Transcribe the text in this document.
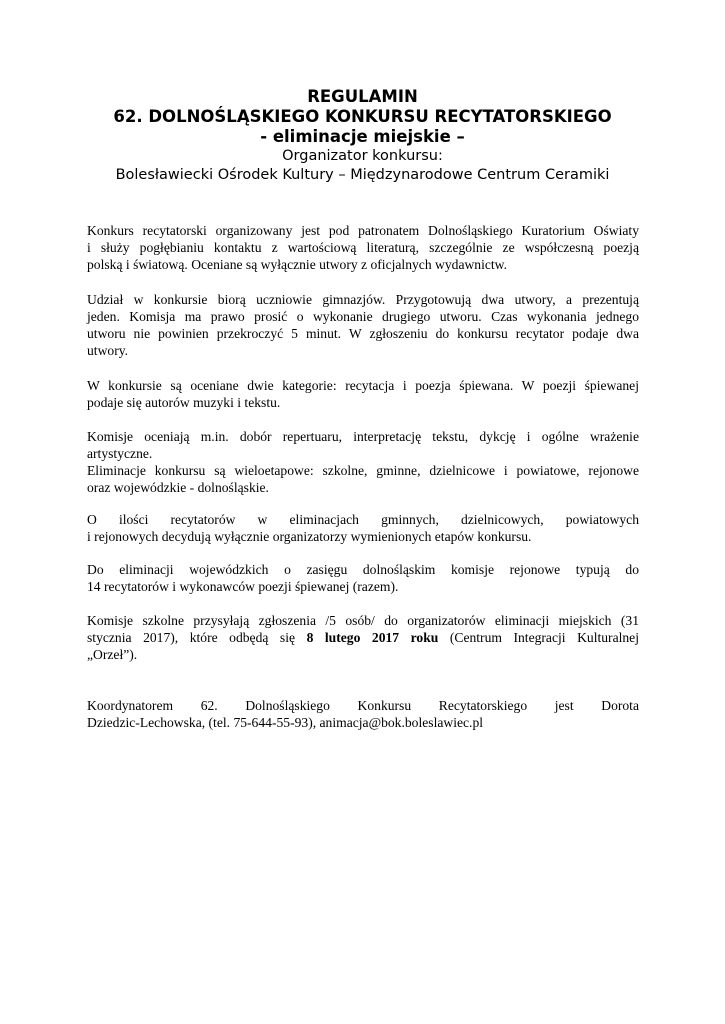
REGULAMIN
62. DOLNOŚLĄSKIEGO KONKURSU RECYTATORSKIEGO
- eliminacje miejskie –
Organizator konkursu:
Bolesławiecki Ośrodek Kultury – Międzynarodowe Centrum Ceramiki
Konkurs recytatorski organizowany jest pod patronatem Dolnośląskiego Kuratorium Oświaty
i służy pogłębianiu kontaktu z wartościową literaturą, szczególnie ze współczesną poezją
polską i światową. Oceniane są wyłącznie utwory z oficjalnych wydawnictw.
Udział w konkursie biorą uczniowie gimnazjów. Przygotowują dwa utwory, a prezentują
jeden. Komisja ma prawo prosić o wykonanie drugiego utworu. Czas wykonania jednego
utworu nie powinien przekroczyć 5 minut. W zgłoszeniu do konkursu recytator podaje dwa
utwory.
W konkursie są oceniane dwie kategorie: recytacja i poezja śpiewana. W poezji śpiewanej
podaje się autorów muzyki i tekstu.
Komisje oceniają m.in. dobór repertuaru, interpretację tekstu, dykcję i ogólne wrażenie
artystyczne.
Eliminacje konkursu są wieloetapowe: szkolne, gminne, dzielnicowe i powiatowe, rejonowe
oraz wojewódzkie - dolnośląskie.
O ilości recytatorów w eliminacjach gminnych, dzielnicowych, powiatowych
i rejonowych decydują wyłącznie organizatorzy wymienionych etapów konkursu.
Do eliminacji wojewódzkich o zasięgu dolnośląskim komisje rejonowe typują do
14 recytatorów i wykonawców poezji śpiewanej (razem).
Komisje szkolne przysyłają zgłoszenia /5 osób/ do organizatorów eliminacji miejskich (31
stycznia 2017), które odbędą się 8 lutego 2017 roku (Centrum Integracji Kulturalnej
„Orzeł”).
Koordynatorem 62. Dolnośląskiego Konkursu Recytatorskiego jest Dorota
Dziedzic-Lechowska, (tel. 75-644-55-93), animacja@bok.boleslawiec.pl
